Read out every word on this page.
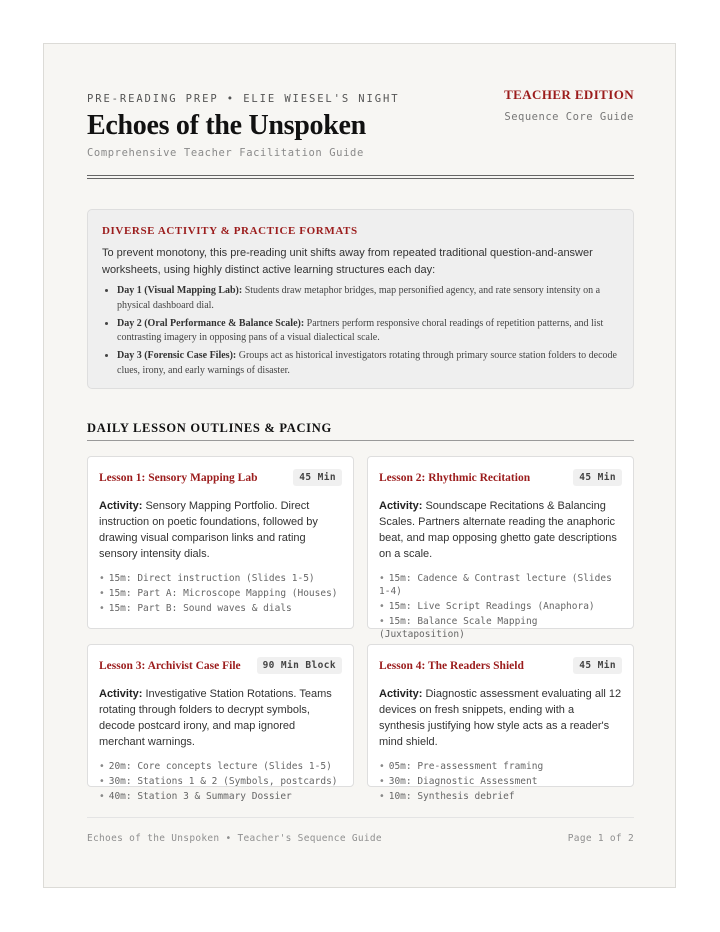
PRE-READING PREP • ELIE WIESEL'S NIGHT
Echoes of the Unspoken
Comprehensive Teacher Facilitation Guide
TEACHER EDITION
Sequence Core Guide
DIVERSE ACTIVITY & PRACTICE FORMATS
To prevent monotony, this pre-reading unit shifts away from repeated traditional question-and-answer worksheets, using highly distinct active learning structures each day:
• Day 1 (Visual Mapping Lab): Students draw metaphor bridges, map personified agency, and rate sensory intensity on a physical dashboard dial.
• Day 2 (Oral Performance & Balance Scale): Partners perform responsive choral readings of repetition patterns, and list contrasting imagery in opposing pans of a visual dialectical scale.
• Day 3 (Forensic Case Files): Groups act as historical investigators rotating through primary source station folders to decode clues, irony, and early warnings of disaster.
DAILY LESSON OUTLINES & PACING
Lesson 1: Sensory Mapping Lab	45 Min
Activity: Sensory Mapping Portfolio. Direct instruction on poetic foundations, followed by drawing visual comparison links and rating sensory intensity dials.
• 15m: Direct instruction (Slides 1-5)
• 15m: Part A: Microscope Mapping (Houses)
• 15m: Part B: Sound waves & dials
Lesson 2: Rhythmic Recitation	45 Min
Activity: Soundscape Recitations & Balancing Scales. Partners alternate reading the anaphoric beat, and map opposing ghetto gate descriptions on a scale.
• 15m: Cadence & Contrast lecture (Slides 1-4)
• 15m: Live Script Readings (Anaphora)
• 15m: Balance Scale Mapping (Juxtaposition)
Lesson 3: Archivist Case File	90 Min Block
Activity: Investigative Station Rotations. Teams rotating through folders to decrypt symbols, decode postcard irony, and map ignored merchant warnings.
• 20m: Core concepts lecture (Slides 1-5)
• 30m: Stations 1 & 2 (Symbols, postcards)
• 40m: Station 3 & Summary Dossier
Lesson 4: The Readers Shield	45 Min
Activity: Diagnostic assessment evaluating all 12 devices on fresh snippets, ending with a synthesis justifying how style acts as a reader's mind shield.
• 05m: Pre-assessment framing
• 30m: Diagnostic Assessment
• 10m: Synthesis debrief
Echoes of the Unspoken • Teacher's Sequence Guide	Page 1 of 2
